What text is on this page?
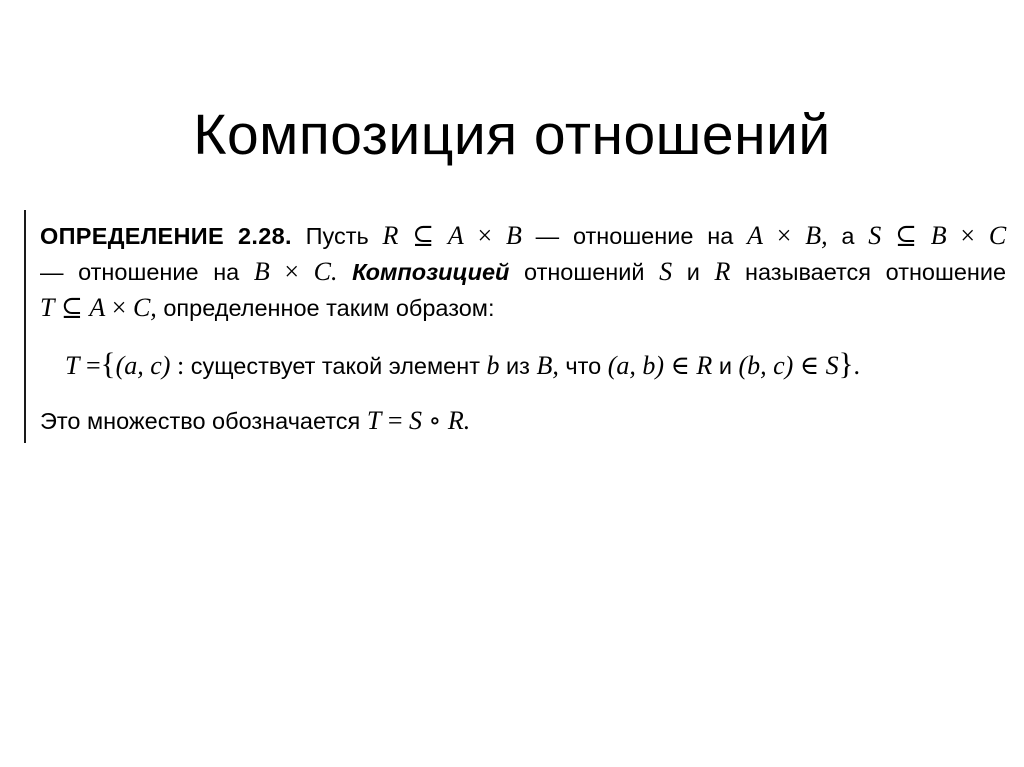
Композиция отношений
ОПРЕДЕЛЕНИЕ 2.28. Пусть R ⊆ A × B — отношение на A × B, а S ⊆ B × C
— отношение на B × C. Композицией отношений S и R называется отношение
T ⊆ A × C, определенное таким образом:
T ={(a, c) : существует такой элемент b из B, что (a, b) ∈ R и (b, c) ∈ S}.
Это множество обозначается T = S ∘ R.
